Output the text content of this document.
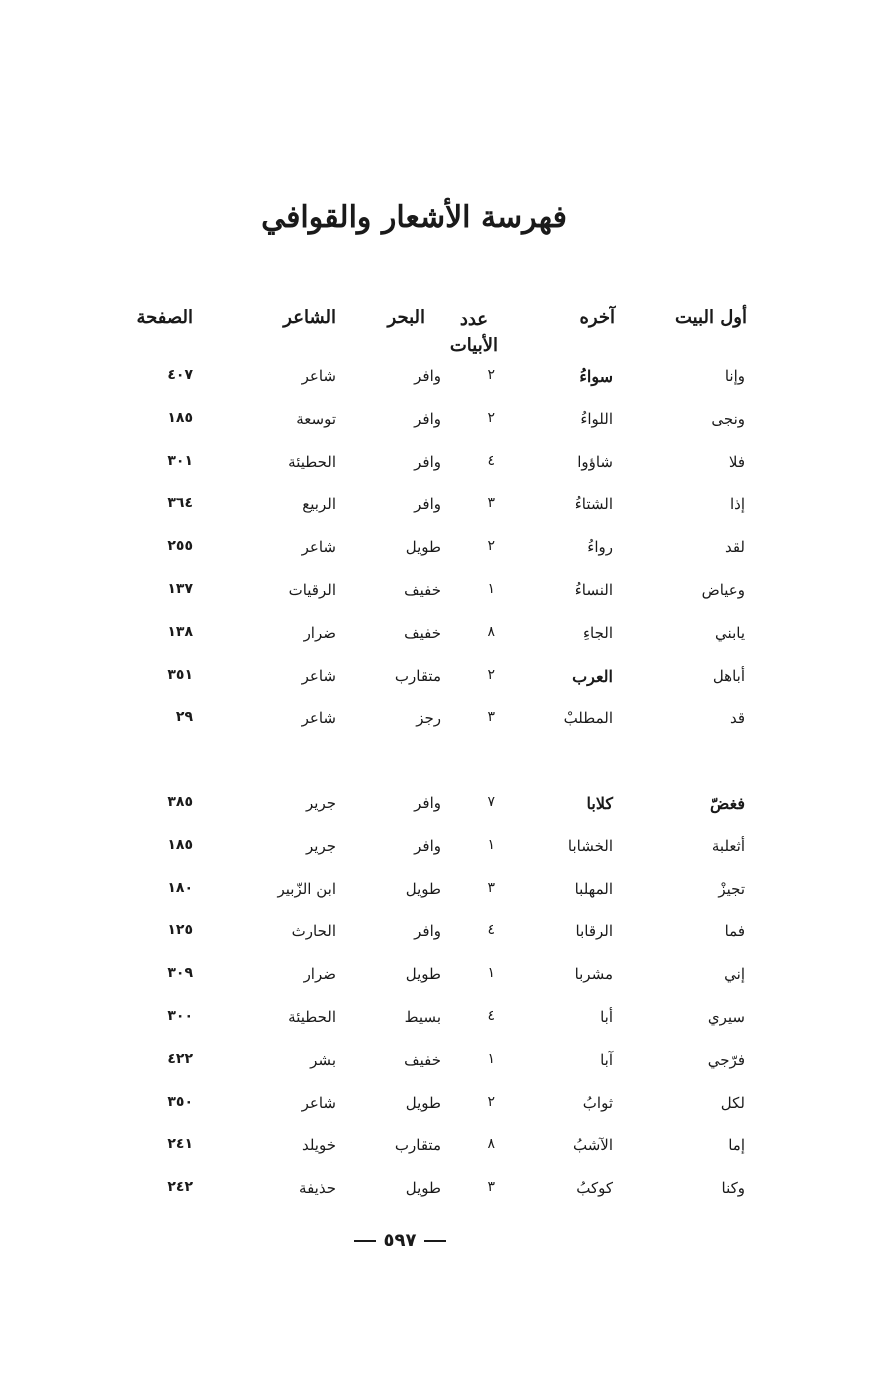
فهرسة الأشعار والقوافي
أول البيت
آخره
عدد
الأبيات
البحر
الشاعر
الصفحة
وإنا
سواءُ
٢
وافر
شاعر
٤٠٧
ونجى
اللواءُ
٢
وافر
توسعة
١٨٥
فلا
شاؤوا
٤
وافر
الحطيئة
٣٠١
إذا
الشتاءُ
٣
وافر
الربيع
٣٦٤
لقد
رواءُ
٢
طويل
شاعر
٢٥٥
وعياض
النساءُ
١
خفيف
الرقيات
١٣٧
يابني
الجاءِ
٨
خفيف
ضرار
١٣٨
أباهل
العرب
٢
متقارب
شاعر
٣٥١
قد
المطلبْ
٣
رجز
شاعر
٢٩
فغضّ
كلابا
٧
وافر
جرير
٣٨٥
أثعلبة
الخشابا
١
وافر
جرير
١٨٥
تجيزْ
المهلبا
٣
طويل
ابن الزّبير
١٨٠
فما
الرقابا
٤
وافر
الحارث
١٢٥
إني
مشربا
١
طويل
ضرار
٣٠٩
سيري
أبا
٤
بسيط
الحطيئة
٣٠٠
فرّجي
آبا
١
خفيف
بشر
٤٢٢
لكل
ثوابُ
٢
طويل
شاعر
٣٥٠
إما
الآشبُ
٨
متقارب
خويلد
٢٤١
وكنا
كوكبُ
٣
طويل
حذيفة
٢٤٢
٥٩٧
